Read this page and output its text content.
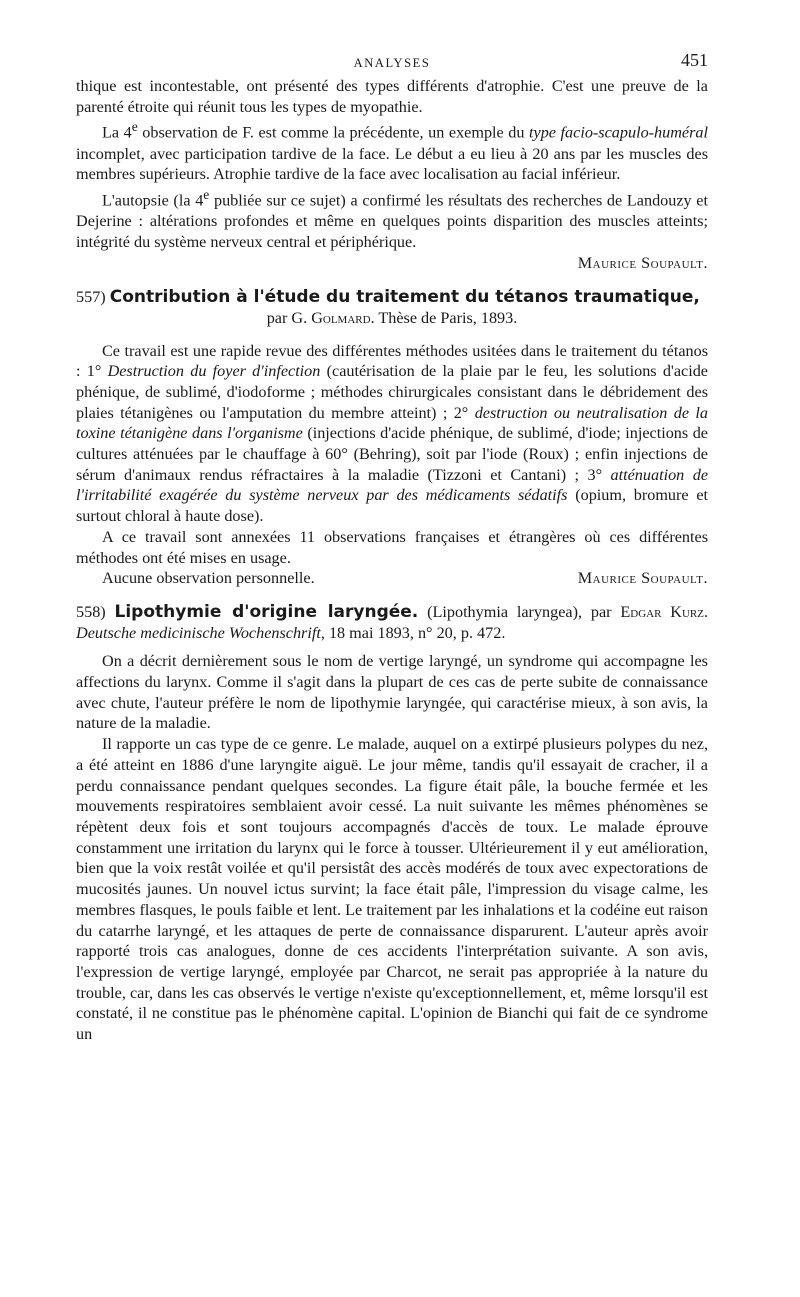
ANALYSES	451

thique est incontestable, ont présenté des types différents d'atrophie. C'est une preuve de la parenté étroite qui réunit tous les types de myopathie.

La 4e observation de F. est comme la précédente, un exemple du type facio-scapulo-huméral incomplet, avec participation tardive de la face. Le début a eu lieu à 20 ans par les muscles des membres supérieurs. Atrophie tardive de la face avec localisation au facial inférieur.

L'autopsie (la 4e publiée sur ce sujet) a confirmé les résultats des recherches de Landouzy et Dejerine : altérations profondes et même en quelques points disparition des muscles atteints; intégrité du système nerveux central et périphérique.

Maurice Soupault.

557) Contribution à l'étude du traitement du tétanos traumatique,

par G. Golmard. Thèse de Paris, 1893.

Ce travail est une rapide revue des différentes méthodes usitées dans le traitement du tétanos : 1° Destruction du foyer d'infection (cautérisation de la plaie par le feu, les solutions d'acide phénique, de sublimé, d'iodoforme ; méthodes chirurgicales consistant dans le débridement des plaies tétanigènes ou l'amputation du membre atteint) ; 2° destruction ou neutralisation de la toxine tétanigène dans l'organisme (injections d'acide phénique, de sublimé, d'iode; injections de cultures atténuées par le chauffage à 60° (Behring), soit par l'iode (Roux) ; enfin injections de sérum d'animaux rendus réfractaires à la maladie (Tizzoni et Cantani) ; 3° atténuation de l'irritabilité exagérée du système nerveux par des médicaments sédatifs (opium, bromure et surtout chloral à haute dose).

A ce travail sont annexées 11 observations françaises et étrangères où ces différentes méthodes ont été mises en usage.

Aucune observation personnelle.	Maurice Soupault.

558) Lipothymie d'origine laryngée. (Lipothymia laryngea), par Edgar Kurz. Deutsche medicinische Wochenschrift, 18 mai 1893, n° 20, p. 472.

On a décrit dernièrement sous le nom de vertige laryngé, un syndrome qui accompagne les affections du larynx. Comme il s'agit dans la plupart de ces cas de perte subite de connaissance avec chute, l'auteur préfère le nom de lipothymie laryngée, qui caractérise mieux, à son avis, la nature de la maladie.

Il rapporte un cas type de ce genre. Le malade, auquel on a extirpé plusieurs polypes du nez, a été atteint en 1886 d'une laryngite aiguë. Le jour même, tandis qu'il essayait de cracher, il a perdu connaissance pendant quelques secondes. La figure était pâle, la bouche fermée et les mouvements respiratoires semblaient avoir cessé. La nuit suivante les mêmes phénomènes se répètent deux fois et sont toujours accompagnés d'accès de toux. Le malade éprouve constamment une irritation du larynx qui le force à tousser. Ultérieurement il y eut amélioration, bien que la voix restât voilée et qu'il persistât des accès modérés de toux avec expectorations de mucosités jaunes. Un nouvel ictus survint; la face était pâle, l'impression du visage calme, les membres flasques, le pouls faible et lent. Le traitement par les inhalations et la codéine eut raison du catarrhe laryngé, et les attaques de perte de connaissance disparurent. L'auteur après avoir rapporté trois cas analogues, donne de ces accidents l'interprétation suivante. A son avis, l'expression de vertige laryngé, employée par Charcot, ne serait pas appropriée à la nature du trouble, car, dans les cas observés le vertige n'existe qu'exceptionnellement, et, même lorsqu'il est constaté, il ne constitue pas le phénomène capital. L'opinion de Bianchi qui fait de ce syndrome un
